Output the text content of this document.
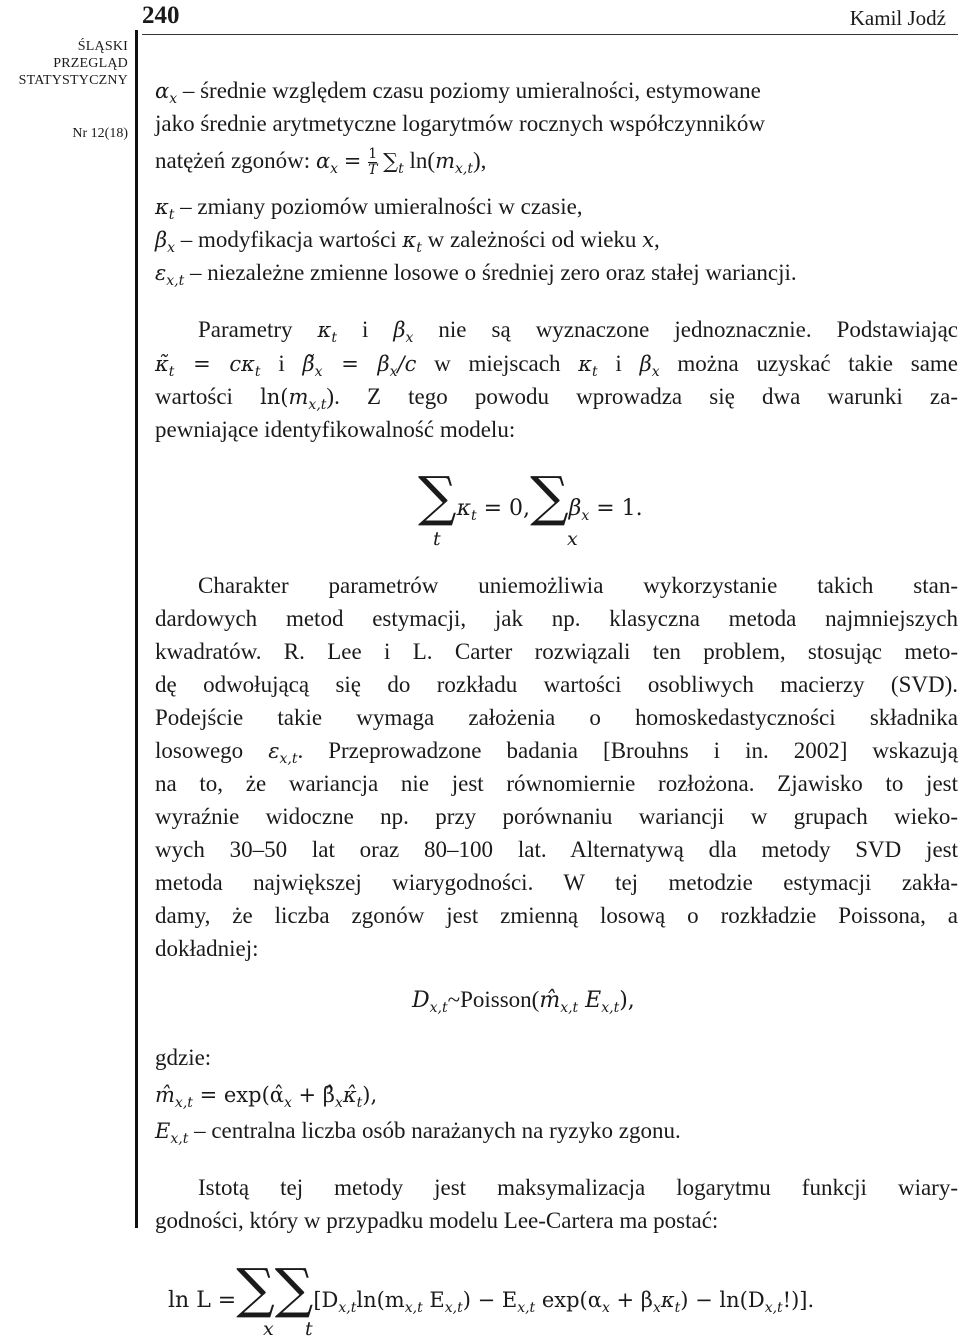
240	Kamil Jodź
ŚLĄSKI
PRZEGLĄD
STATYSTYCZNY
Nr 12(18)
$\alpha_x$ – średnie względem czasu poziomy umieralności, estymowane
jako średnie arytmetyczne logarytmów rocznych współczynników
natężeń zgonów: $\alpha_x = \frac{1}{T} \sum_t$ $\ln(m_{x,t})$,
$\kappa_t$ – zmiany poziomów umieralności w czasie,
$\beta_x$ – modyfikacja wartości $\kappa_t$ w zależności od wieku x,
$\varepsilon_{x,t}$ – niezależne zmienne losowe o średniej zero oraz stałej wariancji.
Parametry $\kappa_t$ i $\beta_x$ nie są wyznaczone jednoznacznie. Podstawiając
$\kappã_t = c\kappa_t$ i $\betã_x = \beta_x/c$ w miejscach $\kappa_t$ i $\beta_x$ można uzyskać takie same
wartości $\ln(m_{x,t})$. Z tego powodu wprowadza się dwa warunki za-
pewniające identyfikowalność modelu:
∑κt = 0,∑βx = 1.
t	x
Charakter parametrów uniemożliwia wykorzystanie takich stan-
dardowych metod estymacji, jak np. klasyczna metoda najmniejszych
kwadratów. R. Lee i L. Carter rozwiązali ten problem, stosując meto-
dę odwołującą się do rozkładu wartości osobliwych macierzy (SVD).
Podejście takie wymaga założenia o homoskedastyczności składnika
losowego $\varepsilon_{x,t}$. Przeprowadzone badania [Brouhns i in. 2002] wskazują
na to, że wariancja nie jest równomiernie rozłożona. Zjawisko to jest
wyraźnie widoczne np. przy porównaniu wariancji w grupach wieko-
wych 30–50 lat oraz 80–100 lat. Alternatywą dla metody SVD jest
metoda największej wiarygodności. W tej metodzie estymacji zakła-
damy, że liczba zgonów jest zmienną losową o rozkładzie Poissona, a
dokładniej:
$D_{x,t}\sim Poisson(m̂_{x,t}$ $E_{x,t}$),
gdzie:
$m̂_{x,t}$ = $\exp(\alphâ_x$ + $\betâ_x\kappâ_t$),
$E_{x,t}$ – centralna liczba osób narażanych na ryzyko zgonu.
Istotą tej metody jest maksymalizacja logarytmu funkcji wiary-
godności, który w przypadku modelu Lee-Cartera ma postać:
$\ln L =\sum\sum[D_{x,t}\ln(m_{x,t}$ $E_{x,t}) - E_{x,t}$ $\exp(\alpha_x + \beta_x\kappa_t) - \ln(D_{x,t}!)$].
x t
